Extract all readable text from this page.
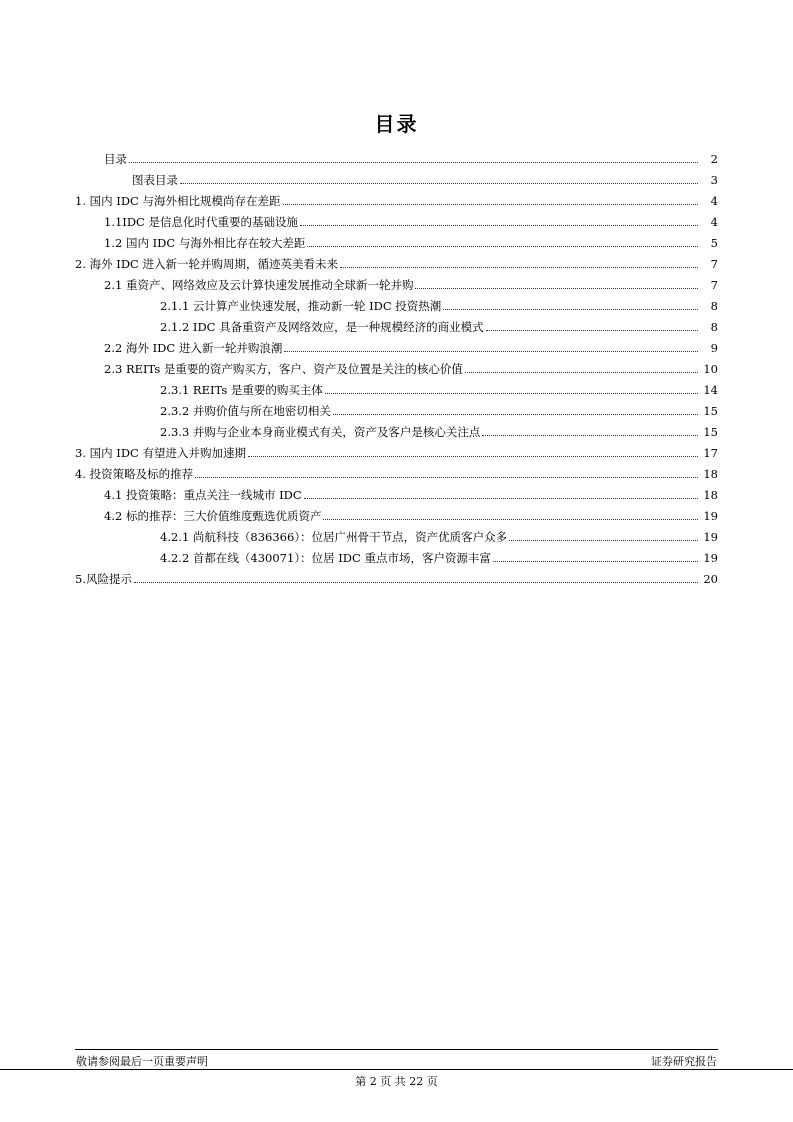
目录
目录	2
图表目录	3
1. 国内 IDC 与海外相比规模尚存在差距	4
1.1IDC 是信息化时代重要的基础设施	4
1.2 国内 IDC 与海外相比存在较大差距	5
2. 海外 IDC 进入新一轮并购周期，循迹英美看未来	7
2.1 重资产、网络效应及云计算快速发展推动全球新一轮并购	7
2.1.1 云计算产业快速发展，推动新一轮 IDC 投资热潮	8
2.1.2 IDC 具备重资产及网络效应，是一种规模经济的商业模式	8
2.2 海外 IDC 进入新一轮并购浪潮	9
2.3 REITs 是重要的资产购买方，客户、资产及位置是关注的核心价值	10
2.3.1 REITs 是重要的购买主体	14
2.3.2 并购价值与所在地密切相关	15
2.3.3 并购与企业本身商业模式有关，资产及客户是核心关注点	15
3. 国内 IDC 有望进入并购加速期	17
4. 投资策略及标的推荐	18
4.1 投资策略：重点关注一线城市 IDC	18
4.2 标的推荐：三大价值维度甄选优质资产	19
4.2.1 尚航科技（836366）：位居广州骨干节点，资产优质客户众多	19
4.2.2 首都在线（430071）：位居 IDC 重点市场，客户资源丰富	19
5.风险提示	20
敬请参阅最后一页重要声明	证券研究报告
第 2 页 共 22 页
